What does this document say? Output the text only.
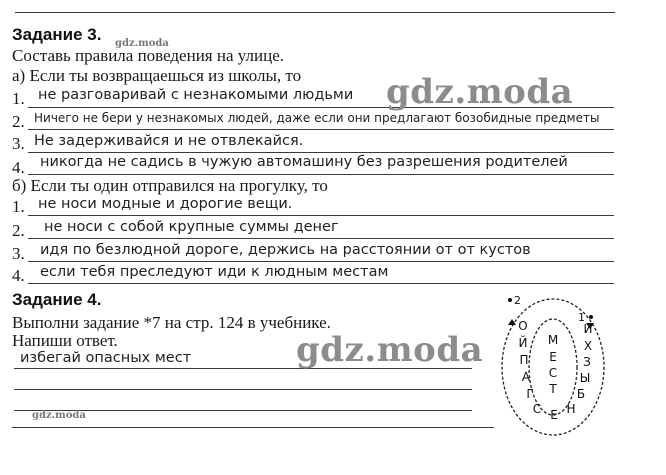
Задание 3.
Составь правила поведения на улице.
а) Если ты возвращаешься из школы, то
1. не разговаривай с незнакомыми людьми
2. Ничего не бери у незнакомых людей, даже если они предлагают бозобидные предметы
3. Не задерживайся и не отвлекайся.
4. никогда не садись в чужую автомашину без разрешения родителей
б) Если ты один отправился на прогулку, то
1. не носи модные и дорогие вещи.
2. не носи с собой крупные суммы денег
3. идя по безлюдной дороге, держись на расстоянии от от кустов
4. если тебя преследуют иди к людным местам
Задание 4.
Выполни задание *7 на стр. 124 в учебнике.
Напиши ответ.
избегай опасных мест
2
1
О
Й
П
А
Г
С Е Н
И
Х
З
Ы
Б
М
Е
С
Т
gdz.moda
gdz.moda
gdz.moda
gdz.moda
